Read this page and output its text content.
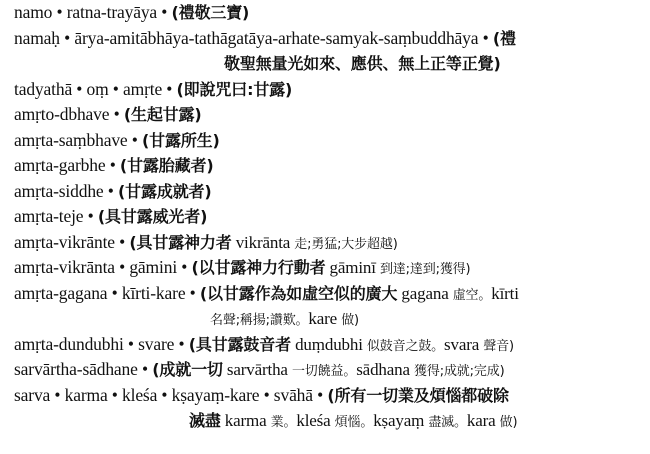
namo • ratna-trayāya • (禮敬三寶)
namaḥ • ārya-amitābhāya-tathāgatāya-arhate-samyak-saṃbuddhāya • (禮
敬聖無量光如來、應供、無上正等正覺)
tadyathā • oṃ • amṛte • (即說咒曰:甘露)
amṛto-dbhave • (生起甘露)
amṛta-saṃbhave • (甘露所生)
amṛta-garbhe • (甘露胎藏者)
amṛta-siddhe • (甘露成就者)
amṛta-teje • (具甘露威光者)
amṛta-vikrānte • (具甘露神力者 vikrānta 走;勇猛;大步超越)
amṛta-vikrānta • gāmini • (以甘露神力行動者 gāminī 到達;達到;獲得)
amṛta-gagana • kīrti-kare • (以甘露作為如虛空似的廣大 gagana 虛空。kīrti
名聲;稱揚;讚歎。kare 做)
amṛta-dundubhi • svare • (具甘露鼓音者 duṃdubhi 似鼓音之鼓。svara 聲音)
sarvārtha-sādhane • (成就一切 sarvārtha 一切饒益。sādhana 獲得;成就;完成)
sarva • karma • kleśa • kṣayaṃ-kare • svāhā • (所有一切業及煩惱都破除
滅盡 karma 業。kleśa 煩惱。kṣayaṃ 盡滅。kara 做)
